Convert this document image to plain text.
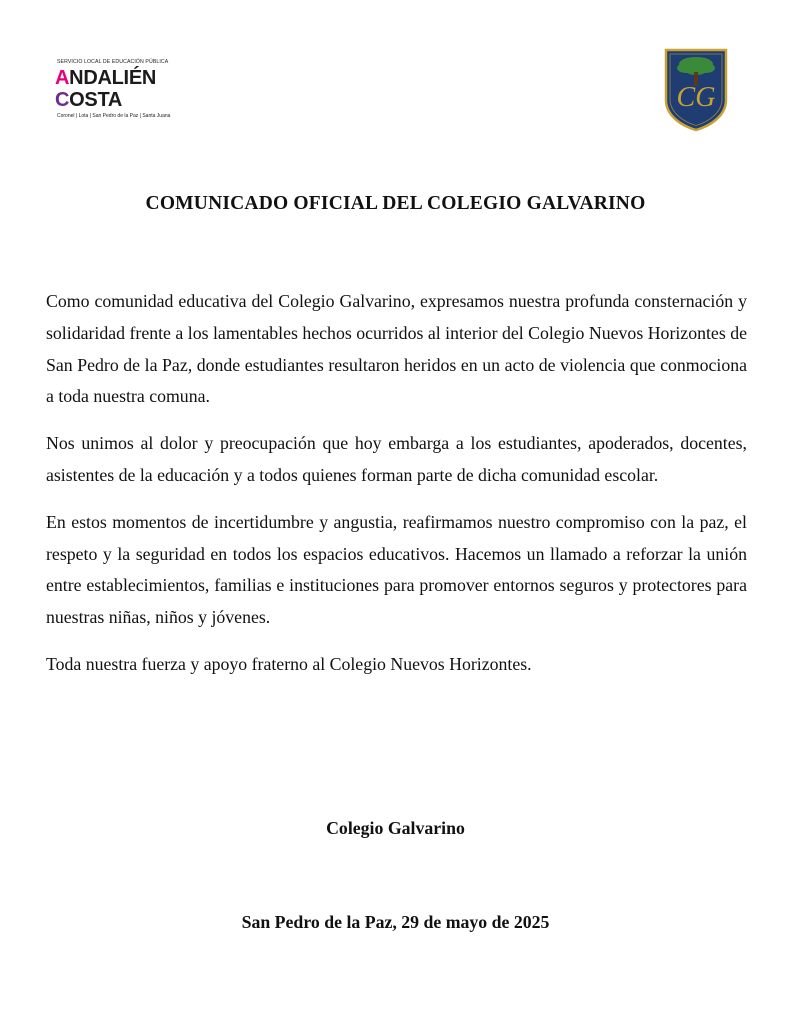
SERVICIO LOCAL DE EDUCACIÓN PÚBLICA
ANDALIÉN
COSTA
Coronel | Lota | San Pedro de la Paz | Santa Juana
CG
COMUNICADO OFICIAL DEL COLEGIO GALVARINO

Como comunidad educativa del Colegio Galvarino, expresamos nuestra profunda consternación y solidaridad frente a los lamentables hechos ocurridos al interior del Colegio Nuevos Horizontes de San Pedro de la Paz, donde estudiantes resultaron heridos en un acto de violencia que conmociona a toda nuestra comuna.

Nos unimos al dolor y preocupación que hoy embarga a los estudiantes, apoderados, docentes, asistentes de la educación y a todos quienes forman parte de dicha comunidad escolar.

En estos momentos de incertidumbre y angustia, reafirmamos nuestro compromiso con la paz, el respeto y la seguridad en todos los espacios educativos. Hacemos un llamado a reforzar la unión entre establecimientos, familias e instituciones para promover entornos seguros y protectores para nuestras niñas, niños y jóvenes.

Toda nuestra fuerza y apoyo fraterno al Colegio Nuevos Horizontes.

Colegio Galvarino
San Pedro de la Paz, 29 de mayo de 2025
